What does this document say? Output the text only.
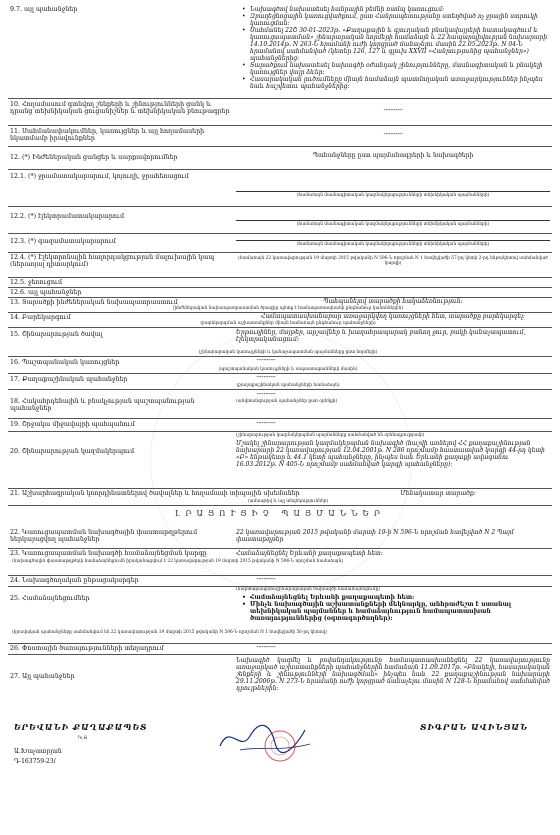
9.7. այլ պահանջներ
•	Նախագծով նախատեսել հանրային բեմնի ռամպ կառուցում:
• Զբաղեցնոցային կառուցվածքում, ըստ Հանրապետությանը ստեղծված ոչ ջրային ստրուկի կառուցման:
• Սահմանել 22Շ 30-01-2023թ. «Քաղաքային և գյուղական բնակավայրերի հատակագծում և կառուցապատման» շինարարական նորմերի համաձայն և 22 հապարպիվուրյան նախարարի 14.10.2014թ. N 263-Ն հրամանի ուժի կորցրած ճանաչելու մասին 22.05.2023թ. N 04-Ն հրամանով սահմանված (կետեր 126, 127 և գլուխ XXVII «Հանրությունից պահանջներ») պահանջներից:
• Տարածքում նախատեսել նախագծի օժանդակ շինությունները, մասնագիտական և բնակելի կառույցներ վայր ձևեր:
• Հասարակական լուծումները միայն համաձայն պատմողական առաջարկություններ ինչպես նաև հաշվետու պահանջներից:
10. Հողամասում գտնվող շենքերի և շինությունների ցանկ և դրանց տեխնիկական ցուցանիշներ և տեխնիկական բնութագրեր	--------
11. Սահմանափակումներ, կառույցներ և այլ հողամասերի նկատմամբ իրավունքներ
--------
12. (*) Ինժեներական ցանցեր և սարքավորումներ	Պահանջները ըստ պայմանագրերի և նախագծերի
12.1. (*) ջրամատակարարում, կոյուղի, ջրահեռացում
(համաձայն մասնագիտական կազմակերպությունների տեխնիկական պայմանների)
12.2. (*) էլեկտրամատակարարում
(համաձայն մասնագիտական կազմակերպությունների տեխնիկական պայմանների)
12.3. (*) գազամատակարարում	(համաձայն մասնագիտական կազմակերպությունների տեխնիկական պայմանների)
12.4. (*) Էլեկտրոնային հաղորդակցության մալուխային կապ (ներառյալ դիտարկում)
(համաձայն 22 կառավարության 19 մարտի 2015 թվականի N 596-Ն որոշման N 1 հավելվածի 57-րդ կետի 2-րդ ենթակետով սահմանված կարգի)
12.5. ջեռուցում
12.6. այլ պահանջներ
13. Տարածքի ինժեներական նախապատրաստում	Պահպանելով տարածքի հակաձեռնություն:
(ինժեներական նախապատրաստման ծրագիր պետք է համապատասխանի ընդհանուր կանոններին)
14. Բարեկարգում	Համապատասխանաբար առաջարկվող կառույցների հետ, տարածքը բարեկարգել:
(բարեկարգման աշխատանքներ միայն համաձայն ընդհանուր պահանջների)
15. Շինարարության ծավալ	Երթուղիներ, մայթեր, արշավներ և խաղահրապարակ բանող ջուր, բակի կանաչապատում, էլեկտրականացում:
(շինարարական կառույցների և կանաչապատման պայմանները ըստ նորմերի)
16. Պաշտպանական կառույցներ	--------
(պաշտպանական կառույցների և ապաստարանների մասին)
17. Քաղաքաշինական պահանջներ	--------
(քաղաքաշինական պահանջների համաձայն)
18. Հակահրդեհային և բնակչության պաշտպանության պահանջներ
--------
(անվտանգության պահանջներ ըստ օրենքի)
19. Շրջակա միջավայրի պահպանում	--------
20. Շինարարության կազմակերպում
(շինարարության կազմակերպման պայմանները սահմանված են օրենսդրությամբ)
Մշակել շինարարության կազմակերպման նախագիծ (հաշվի առնելով ՀՀ քաղաքաշինության նախարարի 22 կառավարության 12.04.2001թ. N 286 որոշմամբ հաստատված կարգի 44-րդ կետի «Բ» ենթակետը և 44.1 կետի պահանջները, ինչպես նաև Երևանի քաղաքի ավագանու 16.03.2012թ. N 405-Ն որոշմամբ սահմանված կարգի պահանջները):
21. Աշխարհագրական կոորդինատներով ծավալներ և հողամասի տիպային սխեմաներ	Մենակատար տարածք:
(ամսաթիվ և այլ տեղեկություններ)
ԼՐԱՑՈՒՑԻՉ ՊԱՅՄԱՆՆԵՐ
22. Կառուցապատման նախագծային փաստաթղթերում ներկայացվող պահանջներ
22 կառավարության 2015 թվականի մարտի 19-ի N 596-Ն որոշման հավելված N 2 Պայմ փաստաթղթեր
23. Կառուցապատման նախագծի համաձայնեցման կարգը	Համաձայնեցնել Երևանի քաղաքապետի հետ:
(նախագծային փաստաթղթերի համաձայնեցումն իրականացվում է 22 կառավարության 19 մարտի 2015 թվականի N 596-Ն որոշման համաձայն)
24. Նախագծողական ընթացակարգեր	--------
25. Համաձայնեցումներ
(ճարտարապետաշինարարական նախագծի համաձայնեցումը)
• Համաձայնեցնել Երևանի քաղաքապետի հետ:
• Մինչև նախագծային աշխատանքների մեկնարկը, անհրաժեշտ է ստանալ տեխնիկական պայմաններ և համաձայնություն համապատասխան ծառայություններից (օգտագործողներ):
(իրավական պահանջները սահմանվում են 22 կառավարության 19 մարտի 2015 թվականի N 596-Ն որոշման N 1 հավելվածի 56-րդ կետով)
26. Փոստային ծառայությունների տեղադրում	--------
27. Այլ պահանջներ
Նախագիծ կազմել և բովանդակությունը համապատասխանեցնել 22 կառավարությունը առաջարկած աշխատանքների պահանջներին համաձայն 11.09.2017թ. «Բնակելի, հասարակական շենքերի և շինությունների նախագծման» ինչպես նաև 22 քաղաքաշինության նախարարի 29.11.2006թ. N 273-Ն հրամանի ուժի կորցրած ճանաչելու մասին N 128-Ն հրամանով սահմանված դրույթներին:
ԵՐԵՎԱՆԻ ՔԱՂԱՔԱՊԵՏ
Կ.Տ
Ա.Խաչատրյան
Դ-163759-23/
ՏԻԳՐԱՆ ԱՎԻՆՅԱՆ
